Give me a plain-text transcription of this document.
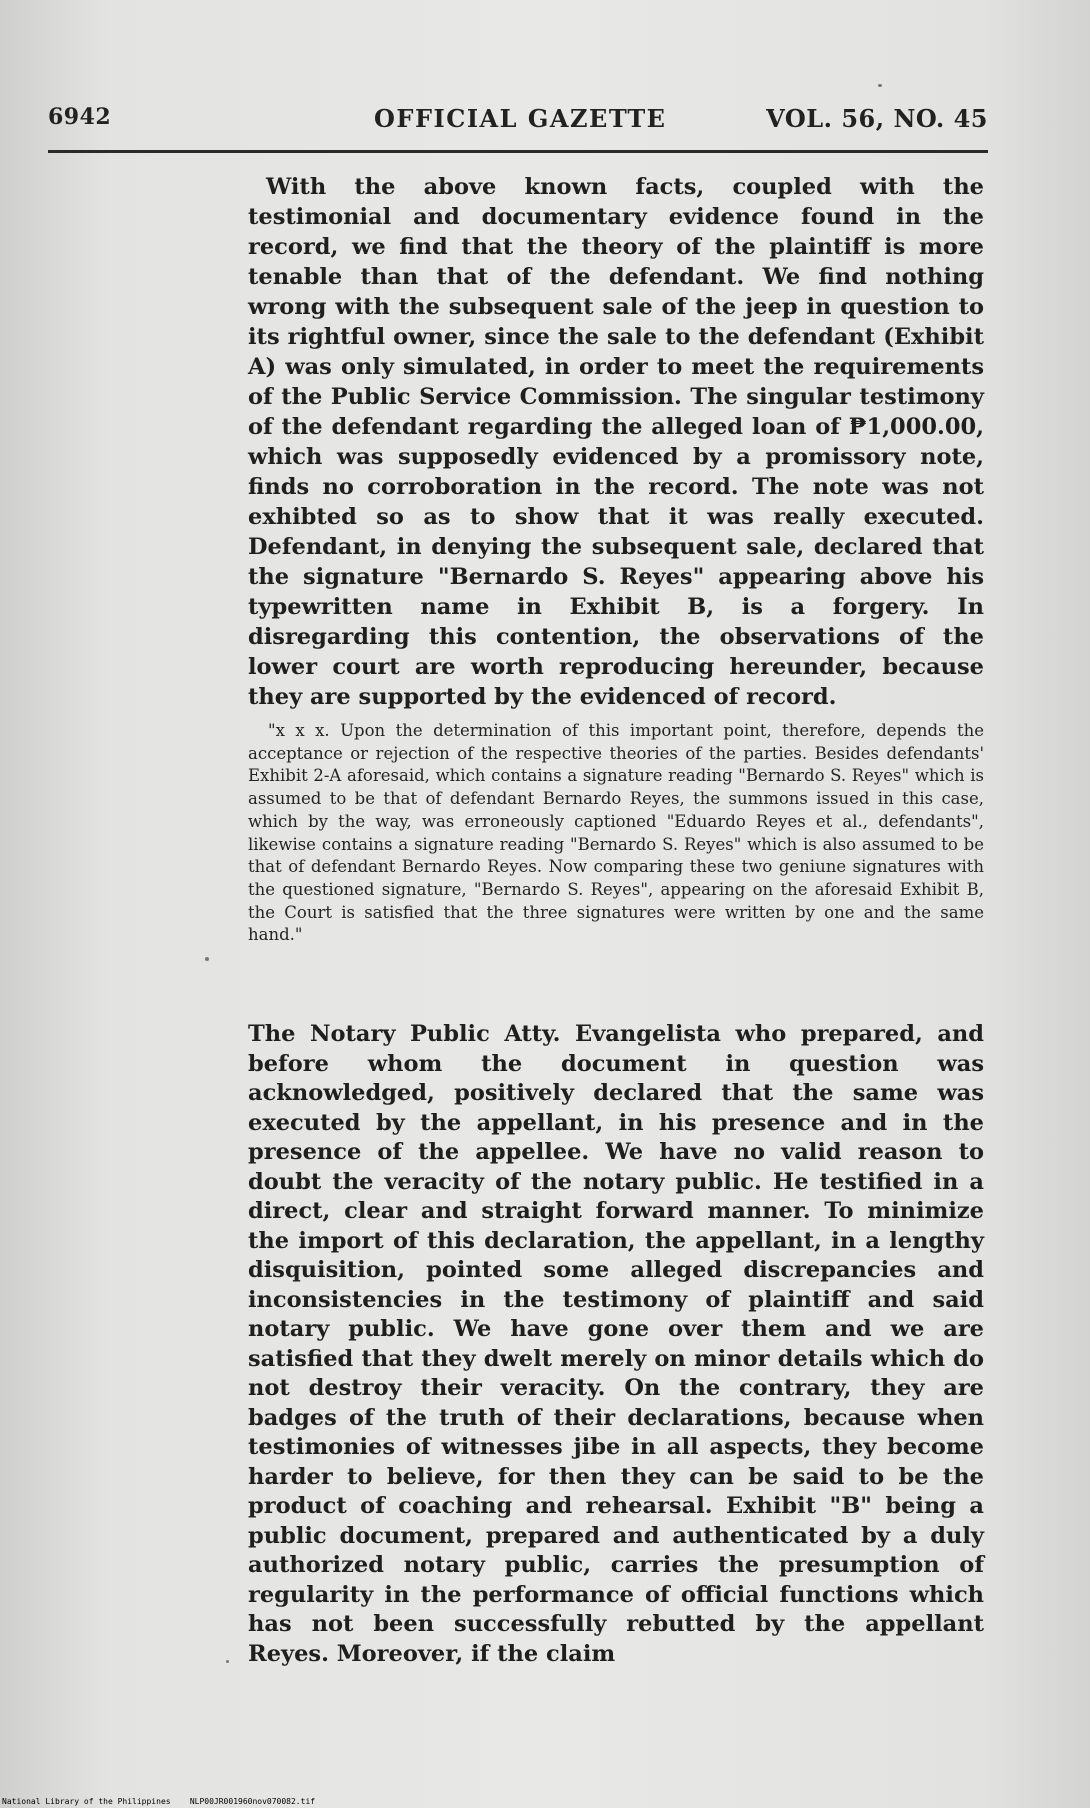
6942	OFFICIAL GAZETTE	VOL. 56, NO. 45
With the above known facts, coupled with the testimonial and documentary evidence found in the record, we find that the theory of the plaintiff is more tenable than that of the defendant. We find nothing wrong with the subsequent sale of the jeep in question to its rightful owner, since the sale to the defendant (Exhibit A) was only simulated, in order to meet the requirements of the Public Service Commission. The singular testimony of the defendant regarding the alleged loan of ₱1,000.00, which was supposedly evidenced by a promissory note, finds no corroboration in the record. The note was not exhibted so as to show that it was really executed. Defendant, in denying the subsequent sale, declared that the signature "Bernardo S. Reyes" appearing above his typewritten name in Exhibit B, is a forgery. In disregarding this contention, the observations of the lower court are worth reproducing hereunder, because they are supported by the evidenced of record.
"x x x. Upon the determination of this important point, therefore, depends the acceptance or rejection of the respective theories of the parties. Besides defendants' Exhibit 2-A aforesaid, which contains a signature reading "Bernardo S. Reyes" which is assumed to be that of defendant Bernardo Reyes, the summons issued in this case, which by the way, was erroneously captioned "Eduardo Reyes et al., defendants", likewise contains a signature reading "Bernardo S. Reyes" which is also assumed to be that of defendant Bernardo Reyes. Now comparing these two geniune signatures with the questioned signature, "Bernardo S. Reyes", appearing on the aforesaid Exhibit B, the Court is satisfied that the three signatures were written by one and the same hand."
The Notary Public Atty. Evangelista who prepared, and before whom the document in question was acknowledged, positively declared that the same was executed by the appellant, in his presence and in the presence of the appellee. We have no valid reason to doubt the veracity of the notary public. He testified in a direct, clear and straight forward manner. To minimize the import of this declaration, the appellant, in a lengthy disquisition, pointed some alleged discrepancies and inconsistencies in the testimony of plaintiff and said notary public. We have gone over them and we are satisfied that they dwelt merely on minor details which do not destroy their veracity. On the contrary, they are badges of the truth of their declarations, because when testimonies of witnesses jibe in all aspects, they become harder to believe, for then they can be said to be the product of coaching and rehearsal. Exhibit "B" being a public document, prepared and authenticated by a duly authorized notary public, carries the presumption of regularity in the performance of official functions which has not been successfully rebutted by the appellant Reyes. Moreover, if the claim
National Library of the Philippines NLP00JR001960nov070082.tif
